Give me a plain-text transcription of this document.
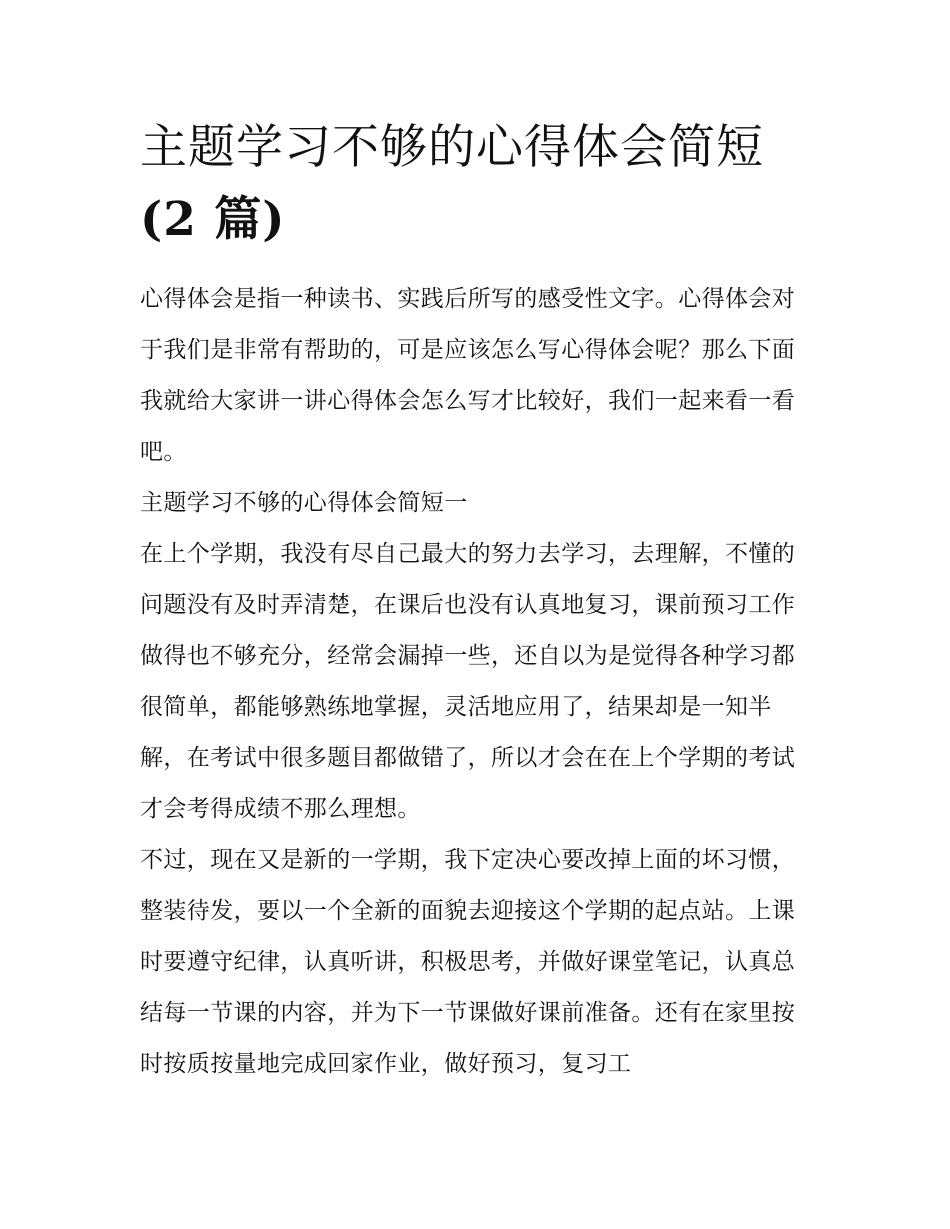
主题学习不够的心得体会简短
(2 篇)

心得体会是指一种读书、实践后所写的感受性文字。心得体会对于我们是非常有帮助的，可是应该怎么写心得体会呢？那么下面我就给大家讲一讲心得体会怎么写才比较好，我们一起来看一看吧。

主题学习不够的心得体会简短一

在上个学期，我没有尽自己最大的努力去学习，去理解，不懂的问题没有及时弄清楚，在课后也没有认真地复习，课前预习工作做得也不够充分，经常会漏掉一些，还自以为是觉得各种学习都很简单，都能够熟练地掌握，灵活地应用了，结果却是一知半解，在考试中很多题目都做错了，所以才会在在上个学期的考试才会考得成绩不那么理想。

不过，现在又是新的一学期，我下定决心要改掉上面的坏习惯，整装待发，要以一个全新的面貌去迎接这个学期的起点站。上课时要遵守纪律，认真听讲，积极思考，并做好课堂笔记，认真总结每一节课的内容，并为下一节课做好课前准备。还有在家里按时按质按量地完成回家作业，做好预习，复习工
